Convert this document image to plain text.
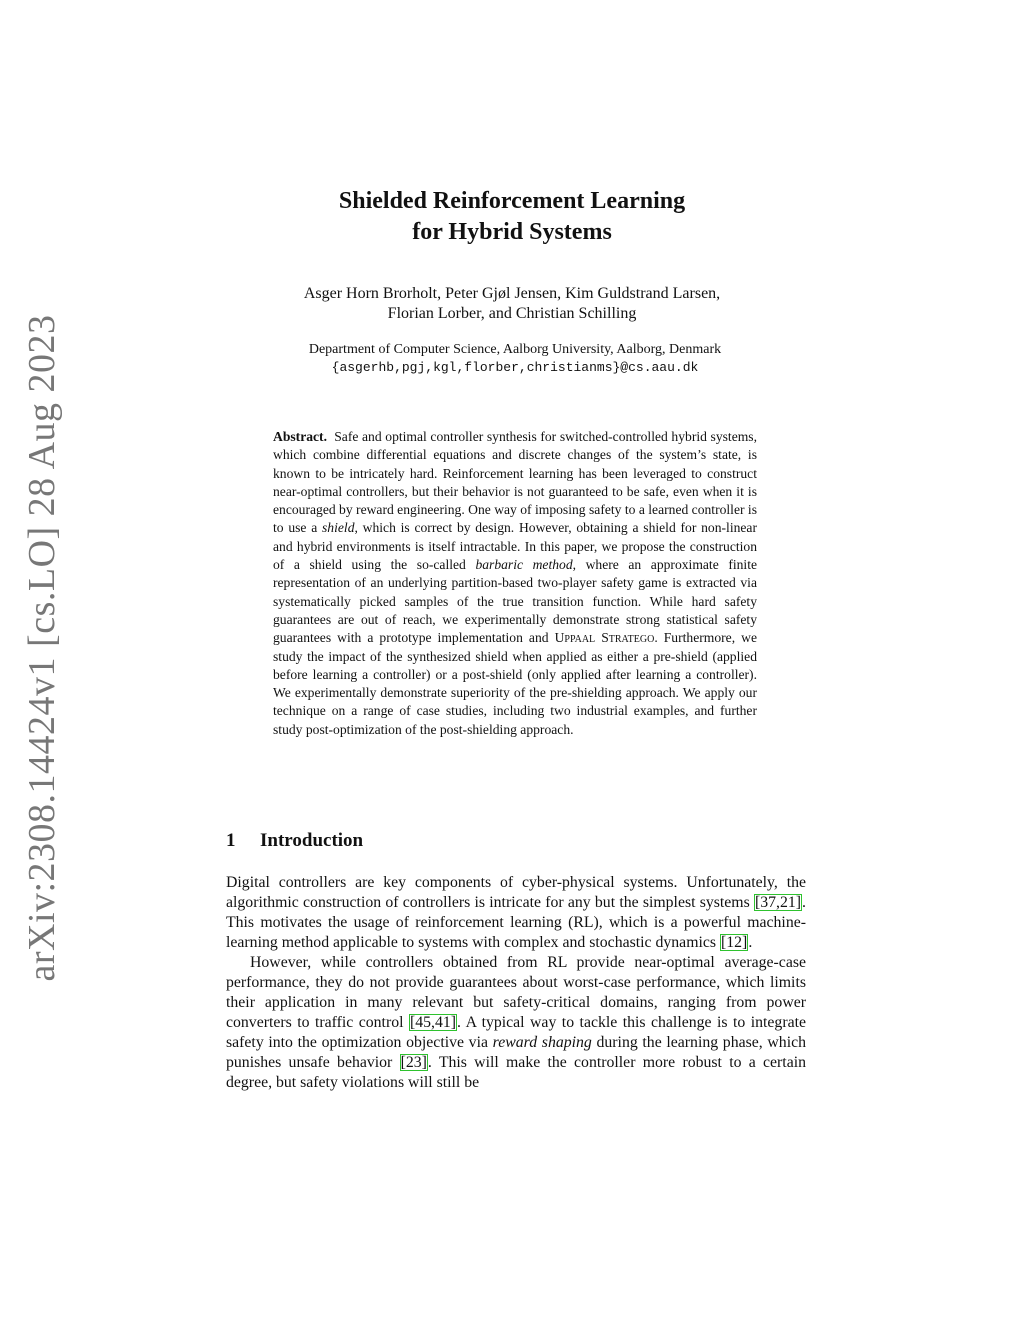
arXiv:2308.14424v1 [cs.LO] 28 Aug 2023
Shielded Reinforcement Learning
for Hybrid Systems
Asger Horn Brorholt, Peter Gjøl Jensen, Kim Guldstrand Larsen,
Florian Lorber, and Christian Schilling
Department of Computer Science, Aalborg University, Aalborg, Denmark
{asgerhb,pgj,kgl,florber,christianms}@cs.aau.dk
Abstract. Safe and optimal controller synthesis for switched-controlled hybrid systems, which combine differential equations and discrete changes of the system’s state, is known to be intricately hard. Reinforcement learning has been leveraged to construct near-optimal controllers, but their behavior is not guaranteed to be safe, even when it is encouraged by reward engineering. One way of imposing safety to a learned controller is to use a shield, which is correct by design. However, obtaining a shield for non-linear and hybrid environments is itself intractable. In this paper, we propose the construction of a shield using the so-called barbaric method, where an approximate finite representation of an underlying partition-based two-player safety game is extracted via systematically picked samples of the true transition function. While hard safety guarantees are out of reach, we experimentally demonstrate strong statistical safety guarantees with a prototype implementation and Uppaal Stratego. Furthermore, we study the impact of the synthesized shield when applied as either a pre-shield (applied before learning a controller) or a post-shield (only applied after learning a controller). We experimentally demonstrate superiority of the pre-shielding approach. We apply our technique on a range of case studies, including two industrial examples, and further study post-optimization of the post-shielding approach.
1 Introduction

Digital controllers are key components of cyber-physical systems. Unfortunately, the algorithmic construction of controllers is intricate for any but the simplest systems [37,21]. This motivates the usage of reinforcement learning (RL), which is a powerful machine-learning method applicable to systems with complex and stochastic dynamics [12].

However, while controllers obtained from RL provide near-optimal average-case performance, they do not provide guarantees about worst-case performance, which limits their application in many relevant but safety-critical domains, ranging from power converters to traffic control [45,41]. A typical way to tackle this challenge is to integrate safety into the optimization objective via reward shaping during the learning phase, which punishes unsafe behavior [23]. This will make the controller more robust to a certain degree, but safety violations will still be
